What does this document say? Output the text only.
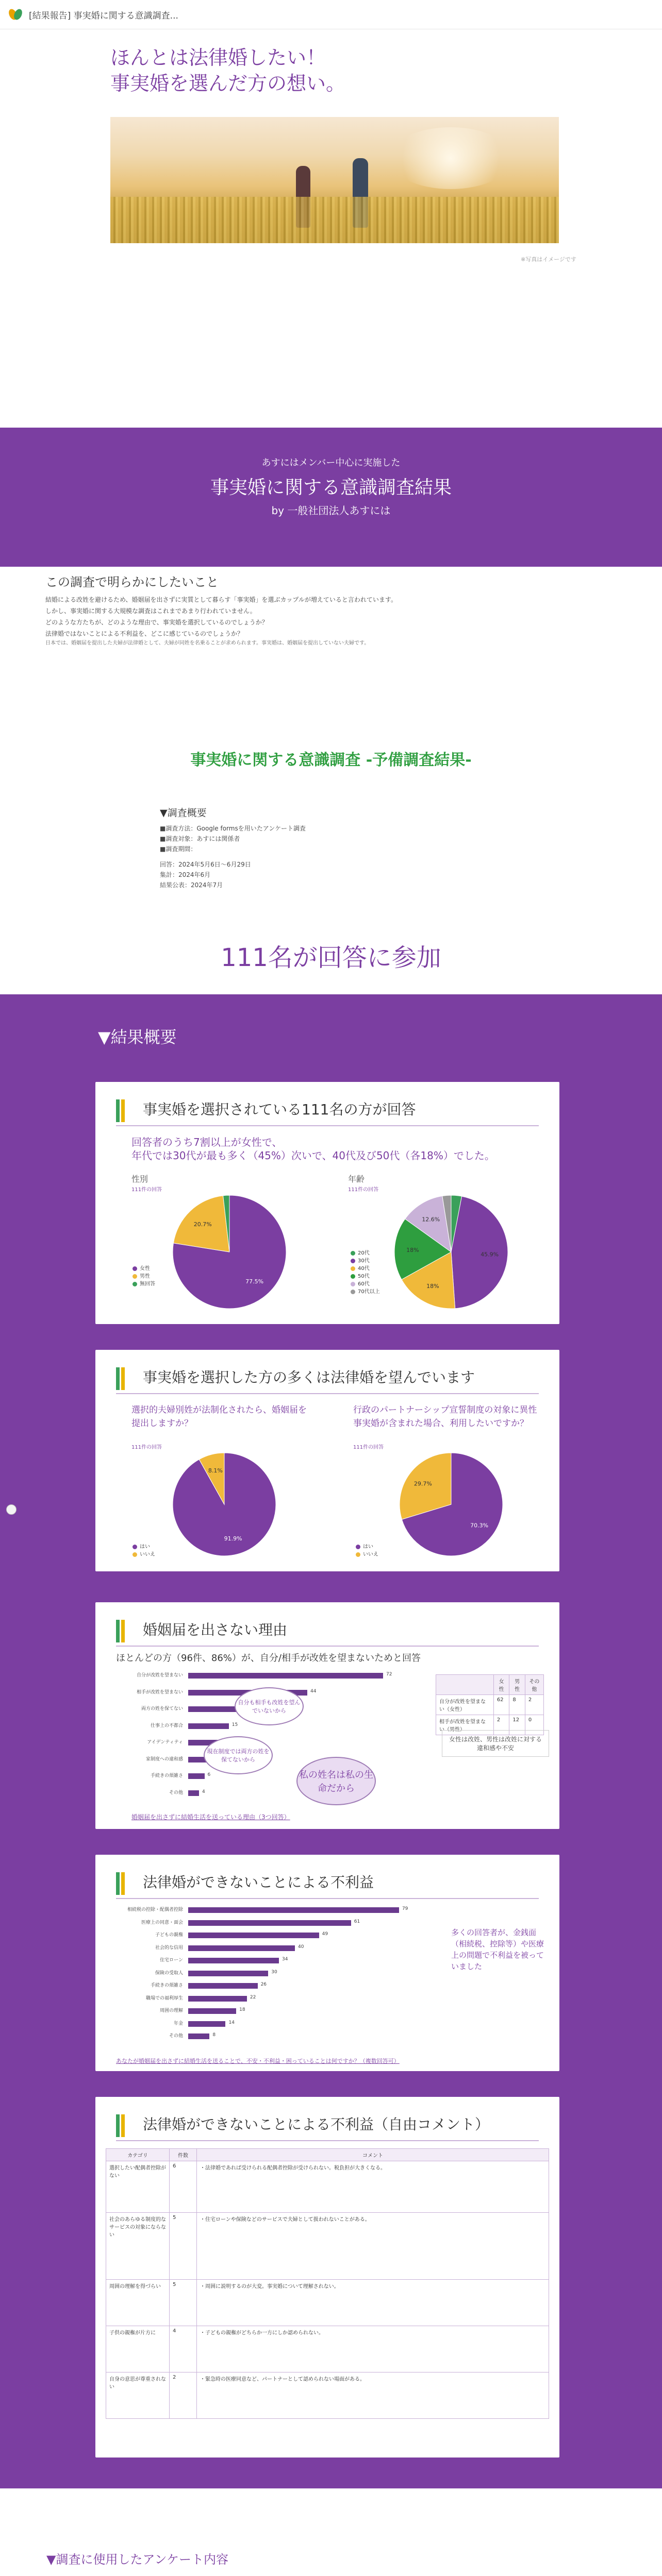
[結果報告] 事実婚に関する意識調査...
ほんとは法律婚したい！
事実婚を選んだ方の想い。
※写真はイメージです
あすにはメンバー中心に実施した
事実婚に関する意識調査結果
by 一般社団法人あすには
この調査で明らかにしたいこと

結婚による改姓を避けるため、婚姻届を出さずに実質として暮らす「事実婚」を選ぶカップルが増えていると言われています。

しかし、事実婚に関する大規模な調査はこれまであまり行われていません。

どのような方たちが、どのような理由で、事実婚を選択しているのでしょうか？

法律婚ではないことによる不利益を、どこに感じているのでしょうか？

日本では、婚姻届を提出した夫婦が法律婚として、夫婦が同姓を名乗ることが求められます。事実婚は、婚姻届を提出していない夫婦です。

事実婚に関する意識調査 -予備調査結果-
▼調査概要
■調査方法：Google formsを用いたアンケート調査
■調査対象：あすには関係者
■調査期間：
回答：2024年5月6日〜6月29日
集計：2024年6月
結果公表：2024年7月
111名が回答に参加
▼結果概要
事実婚を選択されている111名の方が回答
回答者のうち7割以上が女性で、
年代では30代が最も多く（45%）次いで、40代及び50代（各18%）でした。
性別
111件の回答
年齢
111件の回答
77.5%
20.7%
女性
男性
無回答
45.9%
18%
18%
12.6%
20代
30代
40代
50代
60代
70代以上
事実婚を選択した方の多くは法律婚を望んでいます
選択的夫婦別姓が法制化されたら、婚姻届を提出しますか？
行政のパートナーシップ宣誓制度の対象に異性事実婚が含まれた場合、利用したいですか？
111件の回答	111件の回答
91.9%
8.1%
はい
いいえ
70.3%
29.7%
はい
いいえ
婚姻届を出さない理由
ほとんどの方（96件、86%）が、自分/相手が改姓を望まないためと回答
自分が改姓を望まない	72
相手が改姓を望まない	44
両方の姓を保てない
仕事上の不都合	15
アイデンティティ
家制度への違和感
手続きの煩雑さ	6
その他	4
自分も相手も改姓を望んでいないから
現在制度では両方の姓を保てないから
私の姓名は私の生命だから
	女性	男性	その他
自分が改姓を望まない（女性）	62	8	2
相手が改姓を望まない（男性）	2	12	0
女性は改姓、男性は改姓に対する違和感や不安
婚姻届を出さずに結婚生活を送っている理由（3つ回答）
法律婚ができないことによる不利益
相続税の控除・配偶者控除	79
医療上の同意・面会	61
子どもの親権	49
社会的な信用	40
住宅ローン	34
保険の受取人	30
手続きの煩雑さ	26
職場での福利厚生	22
周囲の理解	18
年金	14
その他	8
多くの回答者が、金銭面（相続税、控除等）や医療上の問題で不利益を被っていました
あなたが婚姻届を出さずに結婚生活を送ることで、不安・不利益・困っていることは何ですか？（複数回答可）
法律婚ができないことによる不利益（自由コメント）
カテゴリ	件数	コメント
選択したい配偶者控除がない	6	・法律婚であれば受けられる配偶者控除が受けられない。税負担が大きくなる。
社会のあらゆる制度的なサービスの対象にならない	5	・住宅ローンや保険などのサービスで夫婦として扱われないことがある。
周囲の理解を得づらい	5	・周囲に説明するのが大変。事実婚について理解されない。
子供の親権が片方に	4	・子どもの親権がどちらか一方にしか認められない。
自身の意思が尊重されない	2	・緊急時の医療同意など、パートナーとして認められない場面がある。
▼調査に使用したアンケート内容
